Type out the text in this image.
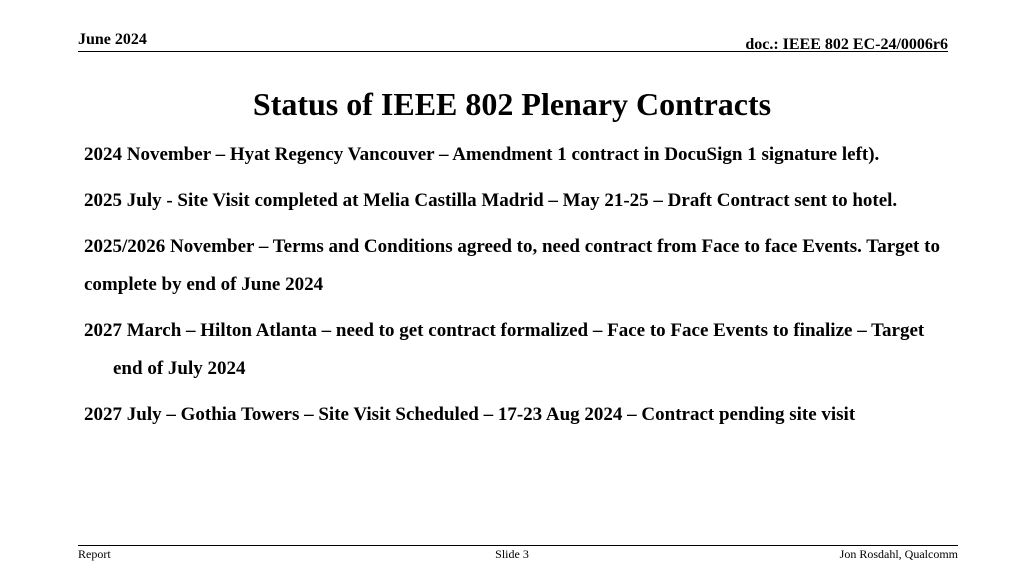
June 2024	doc.: IEEE 802 EC-24/0006r6
Status of IEEE 802 Plenary Contracts
2024 November – Hyat Regency Vancouver – Amendment 1 contract in DocuSign 1 signature left).
2025 July - Site Visit completed at Melia Castilla Madrid – May 21-25 – Draft Contract sent to hotel.
2025/2026 November – Terms and Conditions agreed to, need contract from Face to face Events. Target to complete by end of June 2024
2027 March – Hilton Atlanta – need to get contract formalized – Face to Face Events to finalize – Target end of July 2024
2027 July – Gothia Towers – Site Visit Scheduled – 17-23 Aug 2024 – Contract pending site visit
Report	Slide 3	Jon Rosdahl, Qualcomm
